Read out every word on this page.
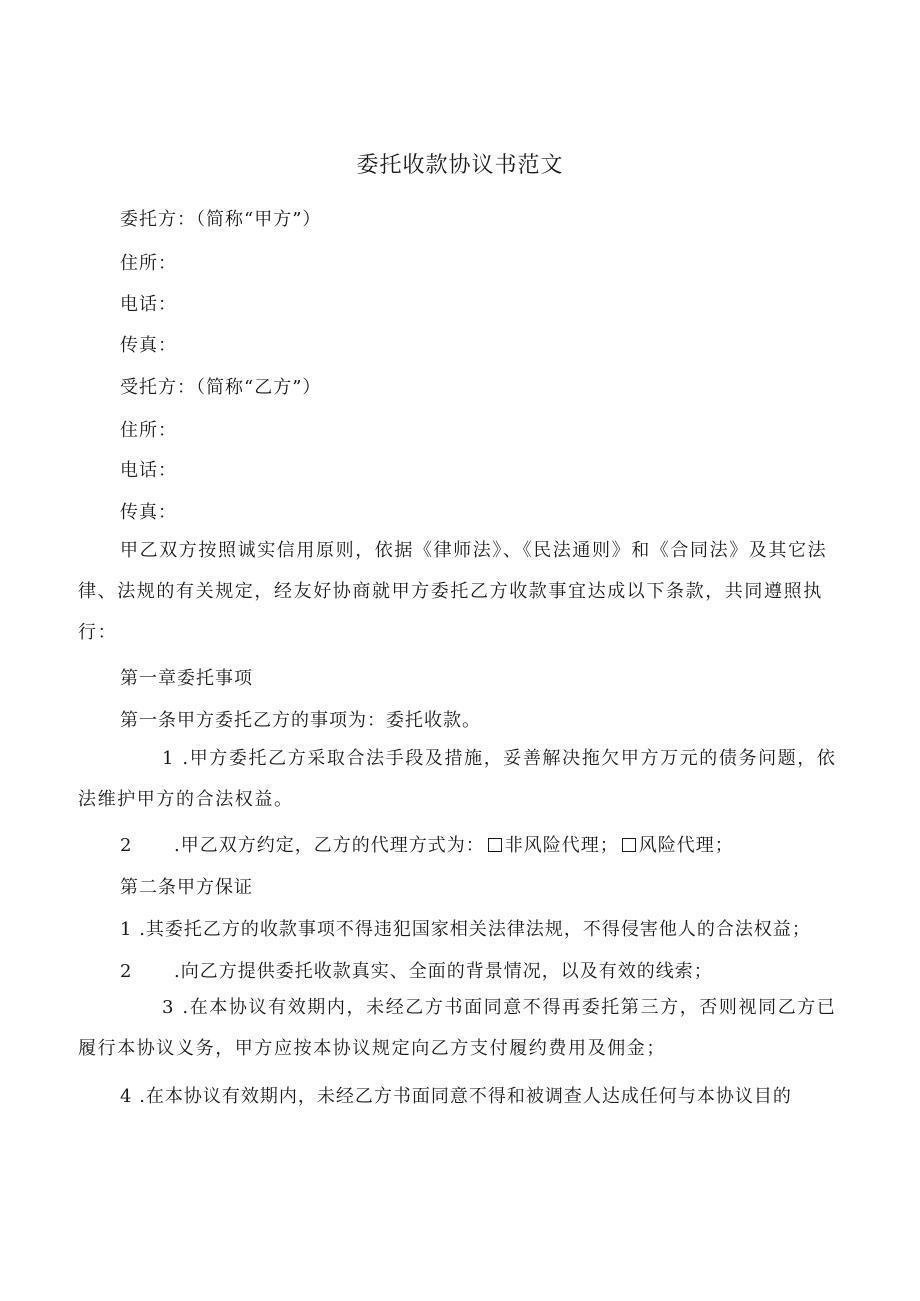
委托收款协议书范文
委托方：（简称“甲方”）
住所：
电话：
传真：
受托方：（简称“乙方”）
住所：
电话：
传真：

甲乙双方按照诚实信用原则，依据《律师法》、《民法通则》和《合同法》及其它法律、法规的有关规定，经友好协商就甲方委托乙方收款事宜达成以下条款，共同遵照执行：

第一章委托事项
第一条甲方委托乙方的事项为：委托收款。

1 .甲方委托乙方采取合法手段及措施，妥善解决拖欠甲方万元的债务问题，依法维护甲方的合法权益。

2 .甲乙双方约定，乙方的代理方式为： 非风险代理； 风险代理；
第二条甲方保证
1 .其委托乙方的收款事项不得违犯国家相关法律法规，不得侵害他人的合法权益；
2 .向乙方提供委托收款真实、全面的背景情况，以及有效的线索；

3 .在本协议有效期内，未经乙方书面同意不得再委托第三方，否则视同乙方已履行本协议义务，甲方应按本协议规定向乙方支付履约费用及佣金；

4 .在本协议有效期内，未经乙方书面同意不得和被调查人达成任何与本协议目的
